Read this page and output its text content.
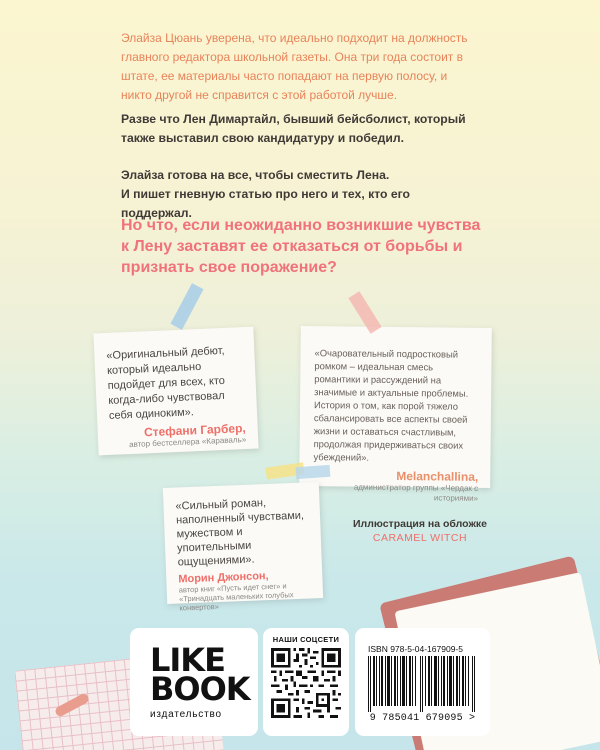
Элайза Цюань уверена, что идеально подходит на должность главного редактора школьной газеты. Она три года состоит в штате, ее материалы часто попадают на первую полосу, и никто другой не справится с этой работой лучше.
Разве что Лен Димартайл, бывший бейсболист, который также выставил свою кандидатуру и победил.
Элайза готова на все, чтобы сместить Лена.
И пишет гневную статью про него и тех, кто его поддержал.
Но что, если неожиданно возникшие чувства к Лену заставят ее отказаться от борьбы и признать свое поражение?
«Оригинальный дебют, который идеально подойдет для всех, кто когда-либо чувствовал себя одиноким».
Стефани Гарбер,
автор бестселлера «Караваль»
«Очаровательный подростковый ромком – идеальная смесь романтики и рассуждений на значимые и актуальные проблемы. История о том, как порой тяжело сбалансировать все аспекты своей жизни и оставаться счастливым, продолжая придерживаться своих убеждений».
Melanchallina,
администратор группы «Чердак с историями»
«Сильный роман, наполненный чувствами, мужеством и упоительными ощущениями».
Морин Джонсон,
автор книг «Пусть идет снег» и «Тринадцать маленьких голубых конвертов»
Иллюстрация на обложке
CARAMEL WITCH
LIKE
BOOK
издательство
НАШИ СОЦСЕТИ
ISBN 978-5-04-167909-5
9 785041 679095 >
